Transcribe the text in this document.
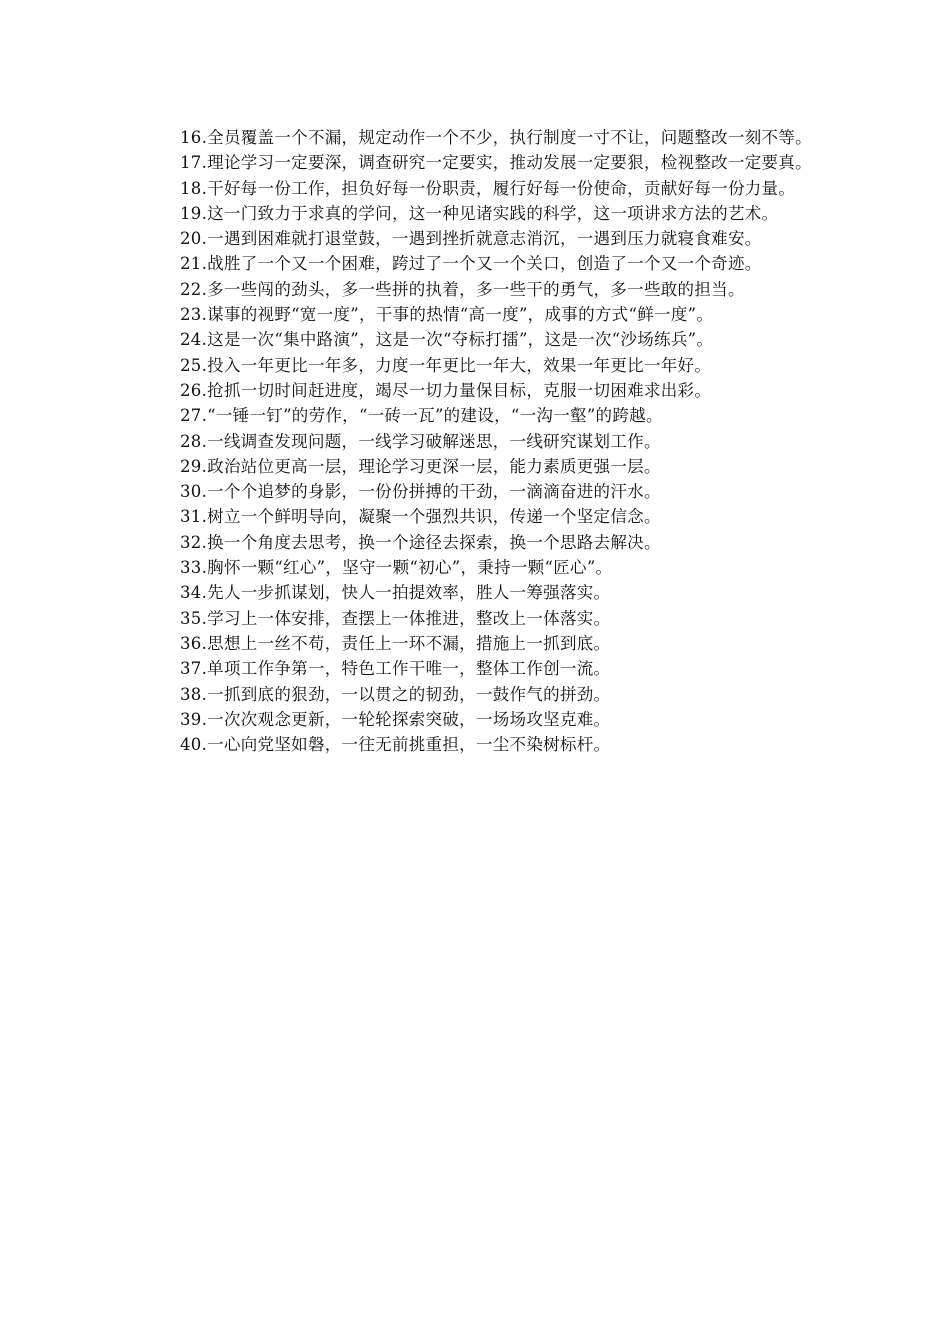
16.全员覆盖一个不漏，规定动作一个不少，执行制度一寸不让，问题整改一刻不等。

17.理论学习一定要深，调查研究一定要实，推动发展一定要狠，检视整改一定要真。

18.干好每一份工作，担负好每一份职责，履行好每一份使命，贡献好每一份力量。

19.这一门致力于求真的学问，这一种见诸实践的科学，这一项讲求方法的艺术。

20.一遇到困难就打退堂鼓，一遇到挫折就意志消沉，一遇到压力就寝食难安。

21.战胜了一个又一个困难，跨过了一个又一个关口，创造了一个又一个奇迹。

22.多一些闯的劲头，多一些拼的执着，多一些干的勇气，多一些敢的担当。

23.谋事的视野“宽一度”，干事的热情“高一度”，成事的方式“鲜一度”。

24.这是一次“集中路演”，这是一次“夺标打擂”，这是一次“沙场练兵”。

25.投入一年更比一年多，力度一年更比一年大，效果一年更比一年好。

26.抢抓一切时间赶进度，竭尽一切力量保目标，克服一切困难求出彩。

27.“一锤一钉”的劳作，“一砖一瓦”的建设，“一沟一壑”的跨越。

28.一线调查发现问题，一线学习破解迷思，一线研究谋划工作。

29.政治站位更高一层，理论学习更深一层，能力素质更强一层。

30.一个个追梦的身影，一份份拼搏的干劲，一滴滴奋进的汗水。

31.树立一个鲜明导向，凝聚一个强烈共识，传递一个坚定信念。

32.换一个角度去思考，换一个途径去探索，换一个思路去解决。

33.胸怀一颗“红心”，坚守一颗“初心”，秉持一颗“匠心”。

34.先人一步抓谋划，快人一拍提效率，胜人一筹强落实。

35.学习上一体安排，查摆上一体推进，整改上一体落实。

36.思想上一丝不苟，责任上一环不漏，措施上一抓到底。

37.单项工作争第一，特色工作干唯一，整体工作创一流。

38.一抓到底的狠劲，一以贯之的韧劲，一鼓作气的拼劲。

39.一次次观念更新，一轮轮探索突破，一场场攻坚克难。

40.一心向党坚如磐，一往无前挑重担，一尘不染树标杆。
